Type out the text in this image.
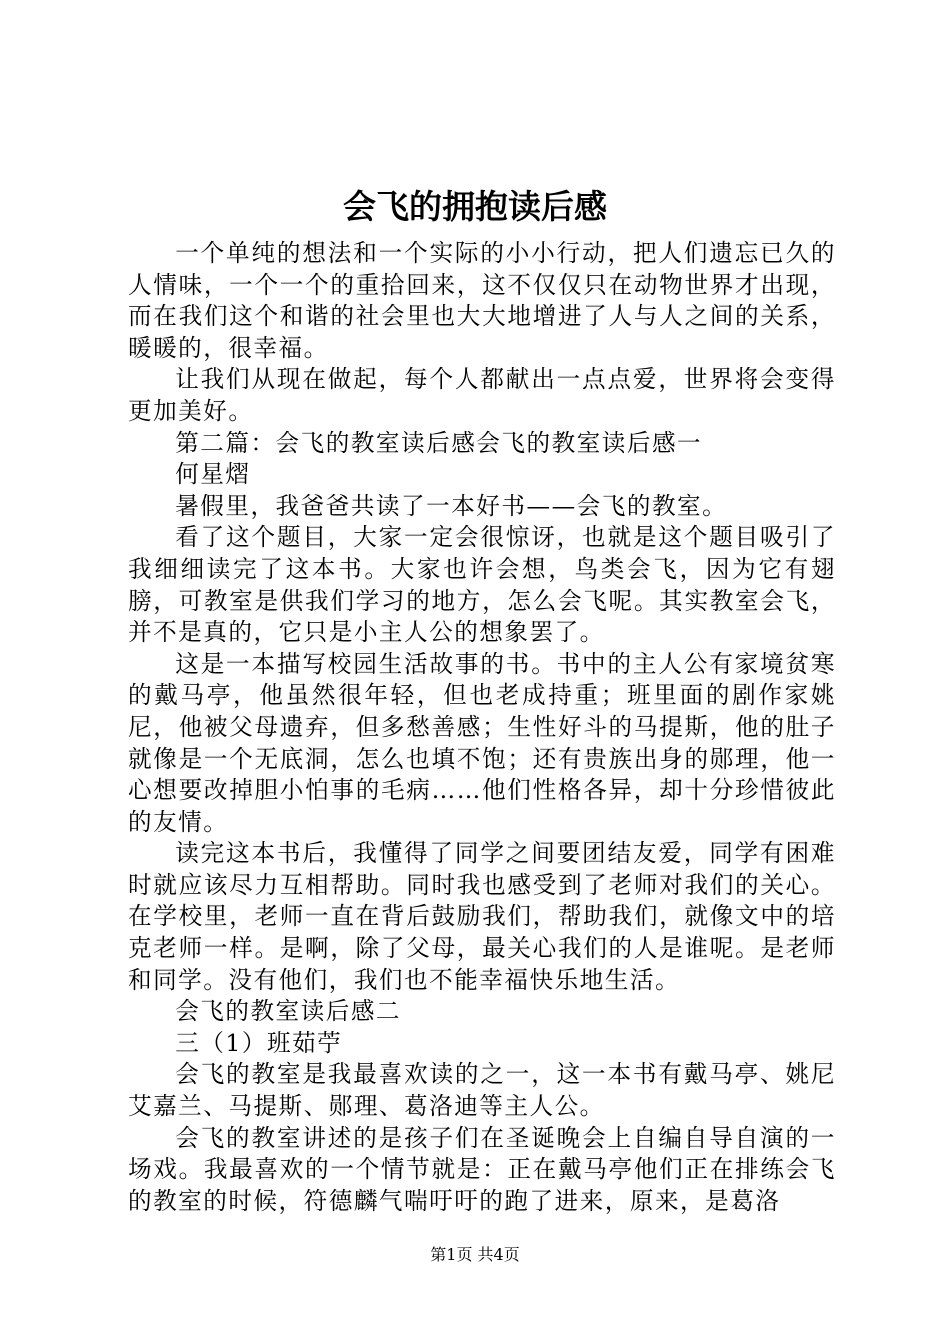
会飞的拥抱读后感

一个单纯的想法和一个实际的小小行动，把人们遗忘已久的人情味，一个一个的重拾回来，这不仅仅只在动物世界才出现，而在我们这个和谐的社会里也大大地增进了人与人之间的关系，暖暖的，很幸福。

让我们从现在做起，每个人都献出一点点爱，世界将会变得更加美好。

第二篇：会飞的教室读后感会飞的教室读后感一

何星熠

暑假里，我爸爸共读了一本好书——会飞的教室。

看了这个题目，大家一定会很惊讶，也就是这个题目吸引了我细细读完了这本书。大家也许会想，鸟类会飞，因为它有翅膀，可教室是供我们学习的地方，怎么会飞呢。其实教室会飞，并不是真的，它只是小主人公的想象罢了。

这是一本描写校园生活故事的书。书中的主人公有家境贫寒的戴马亭，他虽然很年轻，但也老成持重；班里面的剧作家姚尼，他被父母遗弃，但多愁善感；生性好斗的马提斯，他的肚子就像是一个无底洞，怎么也填不饱；还有贵族出身的郧理，他一心想要改掉胆小怕事的毛病……他们性格各异，却十分珍惜彼此的友情。

读完这本书后，我懂得了同学之间要团结友爱，同学有困难时就应该尽力互相帮助。同时我也感受到了老师对我们的关心。在学校里，老师一直在背后鼓励我们，帮助我们，就像文中的培克老师一样。是啊，除了父母，最关心我们的人是谁呢。是老师和同学。没有他们，我们也不能幸福快乐地生活。

会飞的教室读后感二

三（1）班茹苧

会飞的教室是我最喜欢读的之一，这一本书有戴马亭、姚尼艾嘉兰、马提斯、郧理、葛洛迪等主人公。

会飞的教室讲述的是孩子们在圣诞晚会上自编自导自演的一场戏。我最喜欢的一个情节就是：正在戴马亭他们正在排练会飞的教室的时候，符德麟气喘吁吁的跑了进来，原来，是葛洛

第1页 共4页
